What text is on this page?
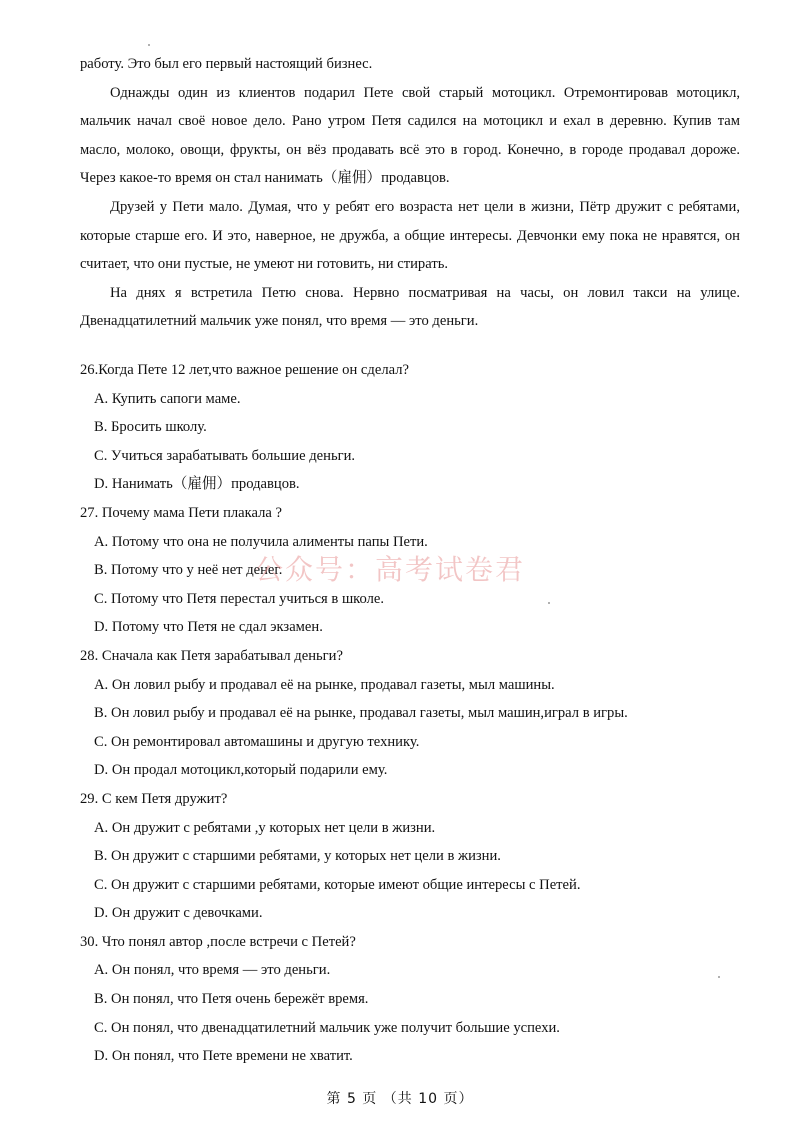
работу. Это был его первый настоящий бизнес.

Однажды один из клиентов подарил Пете свой старый мотоцикл. Отремонтировав мотоцикл, мальчик начал своё новое дело. Рано утром Петя садился на мотоцикл и ехал в деревню. Купив там масло, молоко, овощи, фрукты, он вёз продавать всё это в город. Конечно, в городе продавал дороже. Через какое-то время он стал нанимать（雇佣）продавцов.

Друзей у Пети мало. Думая, что у ребят его возраста нет цели в жизни, Пётр дружит с ребятами, которые старше его. И это, наверное, не дружба, а общие интересы. Девчонки ему пока не нравятся, он считает, что они пустые, не умеют ни готовить, ни стирать.

На днях я встретила Петю снова. Нервно посматривая на часы, он ловил такси на улице. Двенадцатилетний мальчик уже понял, что время — это деньги.

26.Когда Пете 12 лет,что важное решение он сделал?
A. Купить сапоги маме.
B. Бросить школу.
C. Учиться зарабатывать большие деньги.
D. Нанимать（雇佣）продавцов.
27. Почему мама Пети плакала ?
A. Потому что она не получила алименты папы Пети.
B. Потому что у неё нет денег.
C. Потому что Петя перестал учиться в школе.
D. Потому что Петя не сдал экзамен.
28. Сначала как Петя зарабатывал деньги?
A. Он ловил рыбу и продавал её на рынке, продавал газеты, мыл машины.
B. Он ловил рыбу и продавал её на рынке, продавал газеты, мыл машин,играл в игры.
C. Он ремонтировал автомашины и другую технику.
D. Он продал мотоцикл,который подарили ему.
29. С кем Петя дружит?
A. Он дружит с ребятами ,у которых нет цели в жизни.
B. Он дружит с старшими ребятами, у которых нет цели в жизни.
C. Он дружит с старшими ребятами, которые имеют общие интересы с Петей.
D. Он дружит с девочками.
30. Что понял автор ,после встречи с Петей?
A. Он понял, что время — это деньги.
B. Он понял, что Петя очень бережёт время.
C. Он понял, что двенадцатилетний мальчик уже получит большие успехи.
D. Он понял, что Пете времени не хватит.
公众号：高考试卷君
第 5 页 （共 10 页）
